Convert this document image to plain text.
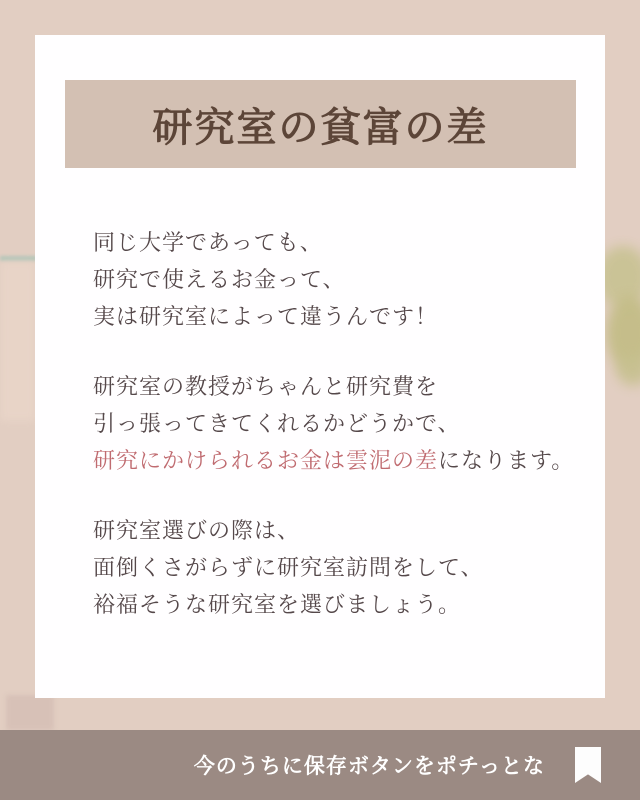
研究室の貧富の差

同じ大学であっても、
研究で使えるお金って、
実は研究室によって違うんです！

研究室の教授がちゃんと研究費を
引っ張ってきてくれるかどうかで、
研究にかけられるお金は雲泥の差になります。

研究室選びの際は、
面倒くさがらずに研究室訪問をして、
裕福そうな研究室を選びましょう。

今のうちに保存ボタンをポチっとな
